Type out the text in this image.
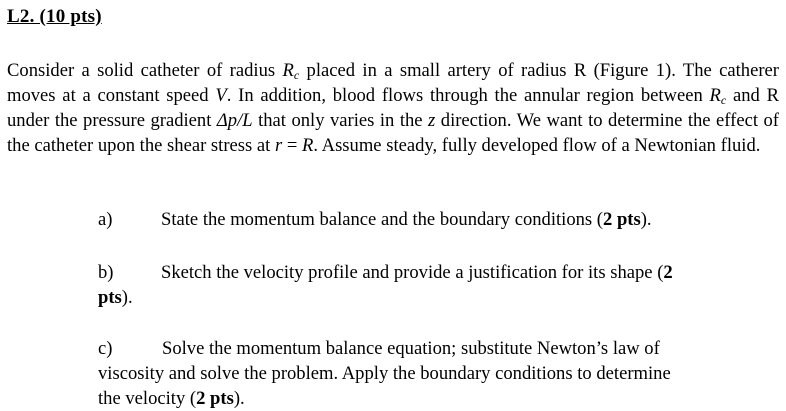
L2. (10 pts)
Consider a solid catheter of radius $R_c$ placed in a small artery of radius R (Figure 1). The catherer moves at a constant speed V. In addition, blood flows through the annular region between $R_c$ and R under the pressure gradient Δp/L that only varies in the z direction. We want to determine the effect of the catheter upon the shear stress at r = R. Assume steady, fully developed flow of a Newtonian fluid.
a)	State the momentum balance and the boundary conditions (2 pts).
b)	Sketch the velocity profile and provide a justification for its shape (2
pts).
c)	Solve the momentum balance equation; substitute Newton’s law of
viscosity and solve the problem. Apply the boundary conditions to determine
the velocity (2 pts).
